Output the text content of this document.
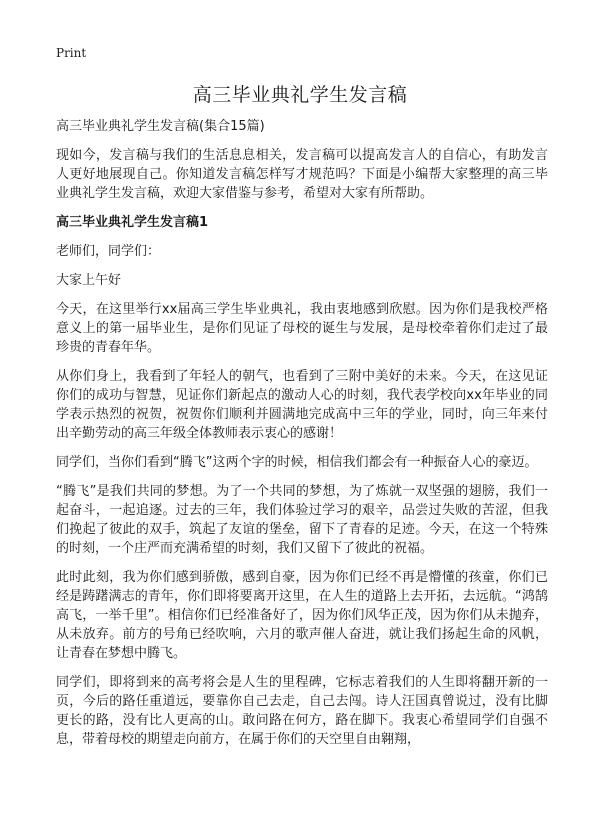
Print
高三毕业典礼学生发言稿

高三毕业典礼学生发言稿(集合15篇)

现如今，发言稿与我们的生活息息相关，发言稿可以提高发言人的自信心，有助发言人更好地展现自己。你知道发言稿怎样写才规范吗？下面是小编帮大家整理的高三毕业典礼学生发言稿，欢迎大家借鉴与参考，希望对大家有所帮助。

高三毕业典礼学生发言稿1

老师们，同学们：

大家上午好

今天，在这里举行xx届高三学生毕业典礼，我由衷地感到欣慰。因为你们是我校严格意义上的第一届毕业生，是你们见证了母校的诞生与发展，是母校牵着你们走过了最珍贵的青春年华。

从你们身上，我看到了年轻人的朝气，也看到了三附中美好的未来。今天，在这见证你们的成功与智慧，见证你们新起点的激动人心的时刻，我代表学校向xx年毕业的同学表示热烈的祝贺，祝贺你们顺利并圆满地完成高中三年的学业，同时，向三年来付出辛勤劳动的高三年级全体教师表示衷心的感谢！

同学们，当你们看到“腾飞”这两个字的时候，相信我们都会有一种振奋人心的豪迈。

“腾飞”是我们共同的梦想。为了一个共同的梦想，为了炼就一双坚强的翅膀，我们一起奋斗，一起追逐。过去的三年，我们体验过学习的艰辛，品尝过失败的苦涩，但我们挽起了彼此的双手，筑起了友谊的堡垒，留下了青春的足迹。今天，在这一个特殊的时刻，一个庄严而充满希望的时刻，我们又留下了彼此的祝福。

此时此刻，我为你们感到骄傲，感到自豪，因为你们已经不再是懵懂的孩童，你们已经是踌躇满志的青年，你们即将要离开这里，在人生的道路上去开拓，去远航。“鸿鹄高飞，一举千里”。相信你们已经准备好了，因为你们风华正茂，因为你们从未抛弃，从未放弃。前方的号角已经吹响，六月的歌声催人奋进，就让我们扬起生命的风帆，让青春在梦想中腾飞。

同学们，即将到来的高考将会是人生的里程碑，它标志着我们的人生即将翻开新的一页，今后的路任重道远，要靠你自己去走，自己去闯。诗人汪国真曾说过，没有比脚更长的路，没有比人更高的山。敢问路在何方，路在脚下。我衷心希望同学们自强不息，带着母校的期望走向前方，在属于你们的天空里自由翱翔，
